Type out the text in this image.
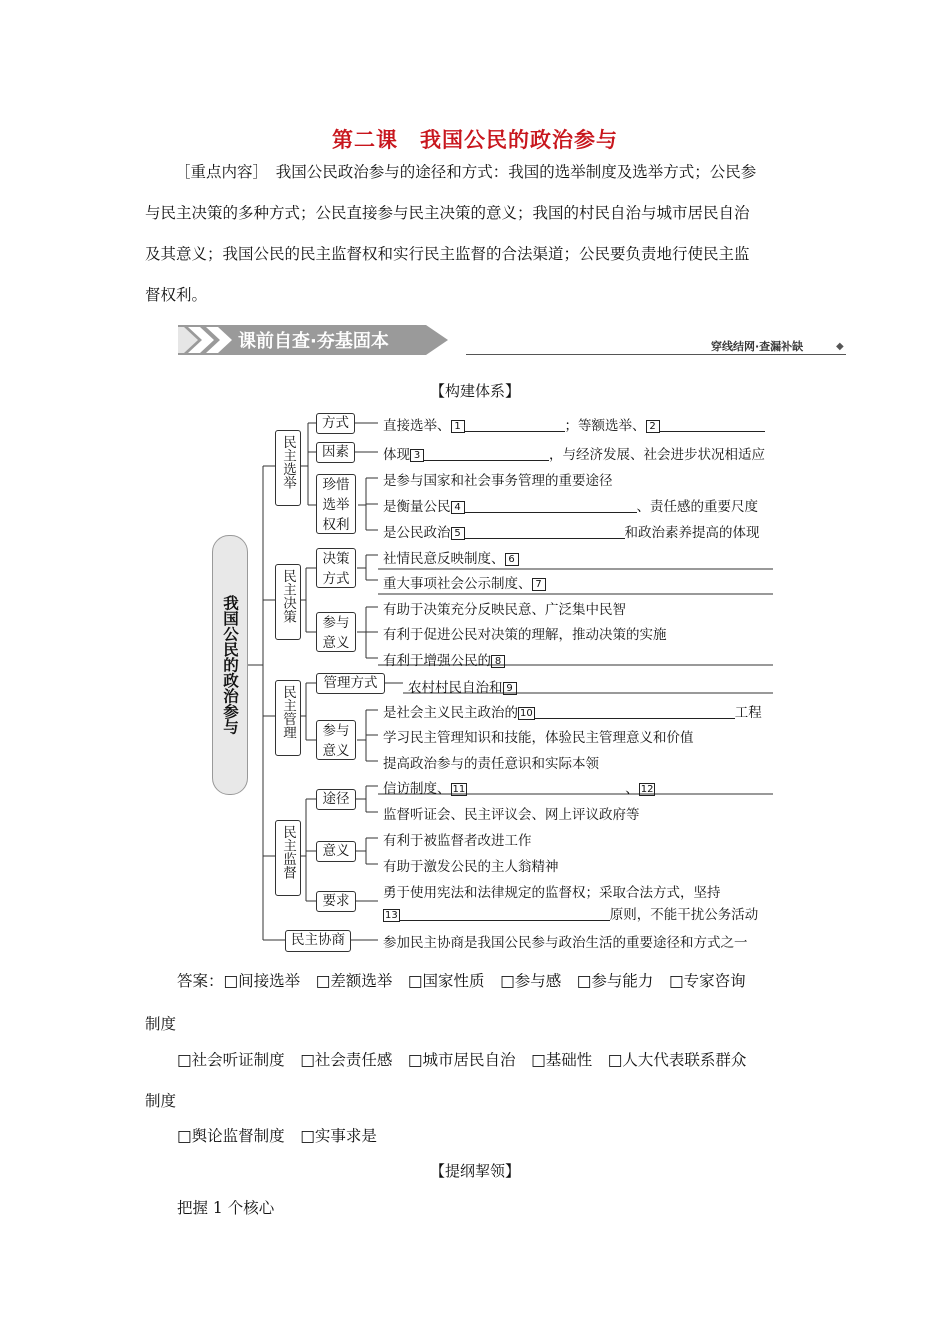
第二课　我国公民的政治参与
［重点内容］　我国公民政治参与的途径和方式：我国的选举制度及选举方式；公民参
与民主决策的多种方式；公民直接参与民主决策的意义；我国的村民自治与城市居民自治
及其意义；我国公民的民主监督权和实行民主监督的合法渠道；公民要负责地行使民主监
督权利。
课前自查·夯基固本	穿线结网·查漏补缺	◆
【构建体系】
我国公民的政治参与
民主选举
民主决策
民主管理
民主监督
民主协商
方式
因素
珍惜选举权利
决策方式
参与意义
管理方式
参与意义
途径
意义
要求
直接选举、 1	；等额选举、 2
体现 3	，与经济发展、社会进步状况相适应
是参与国家和社会事务管理的重要途径
是衡量公民 4	、责任感的重要尺度
是公民政治 5	和政治素养提高的体现
社情民意反映制度、 6
重大事项社会公示制度、 7
有助于决策充分反映民意、广泛集中民智
有利于促进公民对决策的理解，推动决策的实施
有利于增强公民的 8
农村村民自治和 9
是社会主义民主政治的 10	工程
学习民主管理知识和技能，体验民主管理意义和价值
提高政治参与的责任意识和实际本领
信访制度、 11	、 12
监督听证会、民主评议会、网上评议政府等
有利于被监督者改进工作
有助于激发公民的主人翁精神
勇于使用宪法和法律规定的监督权；采取合法方式，坚持
13	原则，不能干扰公务活动
参加民主协商是我国公民参与政治生活的重要途径和方式之一
答案：□间接选举　 □差额选举　 □国家性质　 □参与感　 □参与能力　 □专家咨询
制度
□社会听证制度　 □社会责任感　 □城市居民自治　 □基础性　 □人大代表联系群众
制度
□舆论监督制度　 □实事求是
【提纲挈领】
把握 1 个核心
